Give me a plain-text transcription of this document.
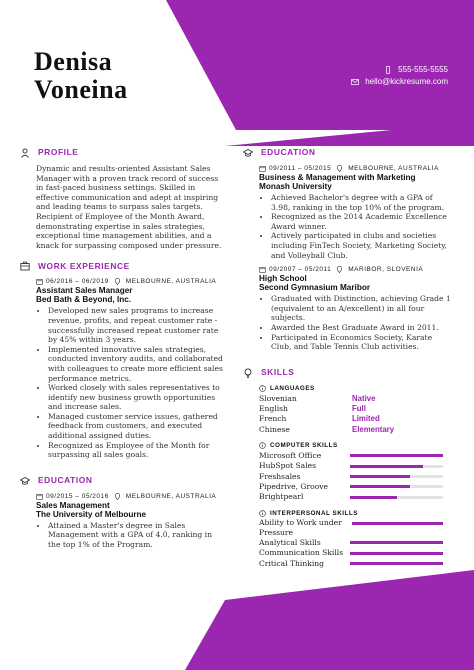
Denisa
Voneina
555-555-5555
hello@kickresume.com
PROFILE
Dynamic and results-oriented Assistant Sales Manager with a proven track record of success in fast-paced business settings. Skilled in effective communication and adept at inspiring and leading teams to surpass sales targets. Recipient of Employee of the Month Award, demonstrating expertise in sales strategies, exceptional time management abilities, and a knack for surpassing composed under pressure.
WORK EXPERIENCE
06/2016 – 06/2019	MELBOURNE, AUSTRALIA
Assistant Sales Manager
Bed Bath & Beyond, Inc.
• Developed new sales programs to increase revenue, profits, and repeat customer rate - successfully increased repeat customer rate by 45% within 3 years.
• Implemented innovative sales strategies, conducted inventory audits, and collaborated with colleagues to create more efficient sales performance metrics.
• Worked closely with sales representatives to identify new business growth opportunities and increase sales.
• Managed customer service issues, gathered feedback from customers, and executed additional assigned duties.
• Recognized as Employee of the Month for surpassing all sales goals.
EDUCATION
09/2015 – 05/2016	MELBOURNE, AUSTRALIA
Sales Management
The University of Melbourne
• Attained a Master's degree in Sales Management with a GPA of 4.0, ranking in the top 1% of the Program.
EDUCATION
09/2011 – 05/2015	MELBOURNE, AUSTRALIA
Business & Management with Marketing
Monash University
• Achieved Bachelor's degree with a GPA of 3.98, ranking in the top 10% of the program.
• Recognized as the 2014 Academic Excellence Award winner.
• Actively participated in clubs and societies including FinTech Society, Marketing Society, and Volleyball Club.
09/2007 – 05/2011	MARIBOR, SLOVENIA
High School
Second Gymnasium Maribor
• Graduated with Distinction, achieving Grade 1 (equivalent to an A/excellent) in all four subjects.
• Awarded the Best Graduate Award in 2011.
• Participated in Economics Society, Karate Club, and Table Tennis Club activities.
SKILLS
LANGUAGES
Slovenian	Native
English	Full
French	Limited
Chinese	Elementary
COMPUTER SKILLS
Microsoft Office
HubSpot Sales
Freshsales
Pipedrive, Groove
Brightpearl
INTERPERSONAL SKILLS
Ability to Work under Pressure
Analytical Skills
Communication Skills
Critical Thinking
